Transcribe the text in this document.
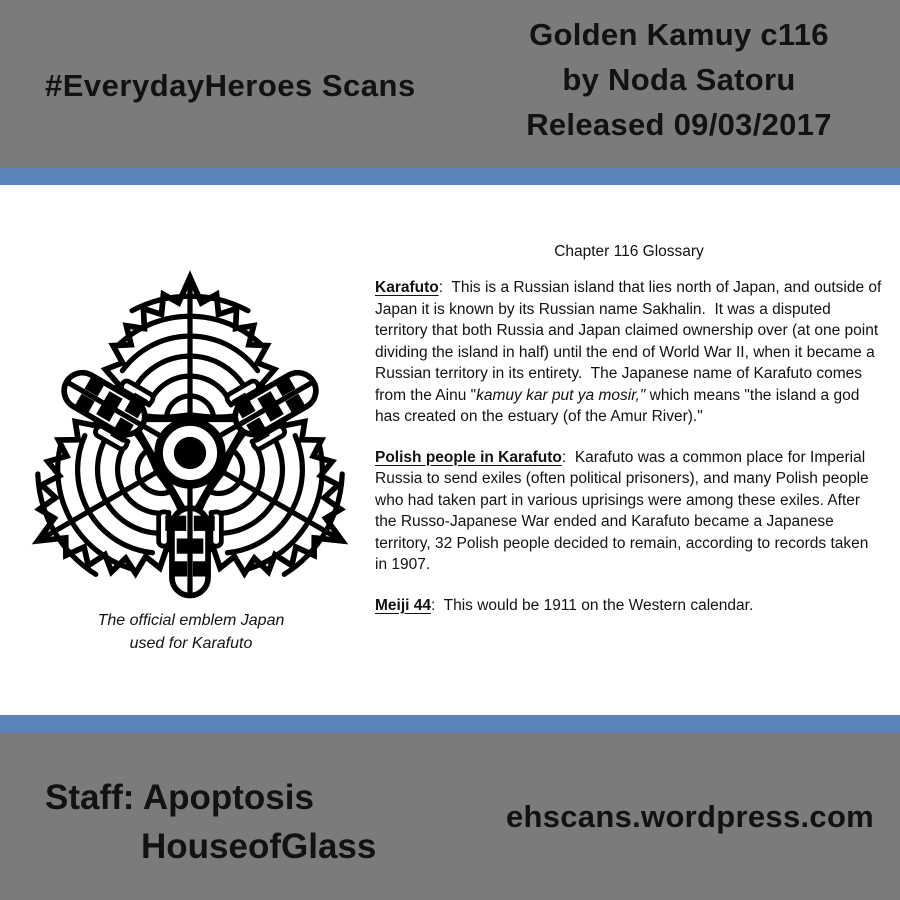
#EverydayHeroes Scans
Golden Kamuy c116
by Noda Satoru
Released 09/03/2017
The official emblem Japan used for Karafuto
Chapter 116 Glossary

Karafuto:  This is a Russian island that lies north of Japan, and outside of Japan it is known by its Russian name Sakhalin.  It was a disputed territory that both Russia and Japan claimed ownership over (at one point dividing the island in half) until the end of World War II, when it became a Russian territory in its entirety.  The Japanese name of Karafuto comes from the Ainu "kamuy kar put ya mosir," which means "the island a god has created on the estuary (of the Amur River)."

Polish people in Karafuto:  Karafuto was a common place for Imperial Russia to send exiles (often political prisoners), and many Polish people who had taken part in various uprisings were among these exiles. After the Russo-Japanese War ended and Karafuto became a Japanese territory, 32 Polish people decided to remain, according to records taken in 1907.

Meiji 44:  This would be 1911 on the Western calendar.

Staff: Apoptosis
HouseofGlass
ehscans.wordpress.com
